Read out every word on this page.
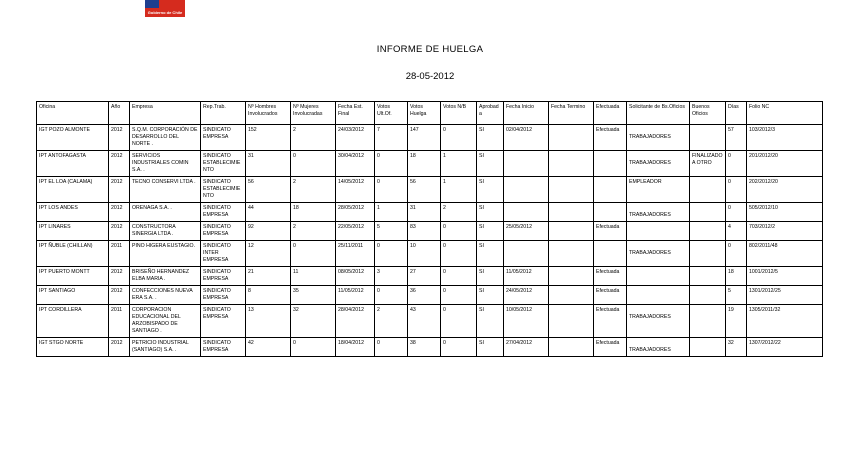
Gobierno de Chile
INFORME DE HUELGA
28-05-2012
Oficina	Año	Empresa	Rep.Trab.	Nº Hombres Involucrados	Nº Mujeres Involucradas	Fecha Est. Final	Votos Ult.Of.	Votos Huelga	Votos N/B	Aprobada	Fecha Inicio	Fecha Termino	Efectuada	Solicitante de Bs.Oficios	Buenos Oficios	Días	Folio NC
IGT POZO ALMONTE	2012	S.Q.M. CORPORACIÓN DE DESARROLLO DEL NORTE .	SINDICATO EMPRESA	152	2	24/03/2012	7	147	0	SI	02/04/2012		Efectuada	TRABAJADORES		57	103/2012/3
IPT ANTOFAGASTA	2012	SERVICIOS INDUSTRIALES COMIN S.A. .	SINDICATO ESTABLECIMIENTO	31	0	30/04/2012	0	18	1	SI				TRABAJADORES	FINALIZADO A OTRO	0	201/2012/20
IPT EL LOA (CALAMA)	2012	TECNO CONSERVI LTDA .	SINDICATO ESTABLECIMIENTO	56	2	14/05/2012	0	56	1	SI				EMPLEADOR		0	202/2012/20
IPT LOS ANDES	2012	ORENAGA S.A. .	SINDICATO EMPRESA	44	18	28/05/2012	1	31	2	SI				TRABAJADORES		0	505/2012/10
IPT LINARES	2012	CONSTRUCTORA SINERGIA LTDA .	SINDICATO EMPRESA	92	2	22/05/2012	5	83	0	SI	25/05/2012		Efectuada			4	703/2012/2
IPT ÑUBLE (CHILLAN)	2011	PINO HIGERA EUSTAGIO.	SINDICATO INTER EMPRESA	12	0	25/11/2011	0	10	0	SI				TRABAJADORES		0	802/2011/48
IPT PUERTO MONTT	2012	BRISEÑO HERNANDEZ ELBA MARIA .	SINDICATO EMPRESA	21	11	08/05/2012	3	27	0	SI	11/05/2012		Efectuada			18	1001/2012/5
IPT SANTIAGO	2012	CONFECCIONES NUEVA ERA S.A. .	SINDICATO EMPRESA	8	35	11/05/2012	0	36	0	SI	24/05/2012		Efectuada			5	1301/2012/25
IPT CORDILLERA	2011	CORPORACION EDUCACIONAL DEL ARZOBISPADO DE SANTIAGO .	SINDICATO EMPRESA	13	32	28/04/2012	2	43	0	SI	10/05/2012		Efectuada	TRABAJADORES		19	1305/2011/32
IGT STGO NORTE	2012	PETRICIO INDUSTRIAL (SANTIAGO) S.A. .	SINDICATO EMPRESA	42	0	18/04/2012	0	38	0	SI	27/04/2012		Efectuada	TRABAJADORES		32	1307/2012/22
